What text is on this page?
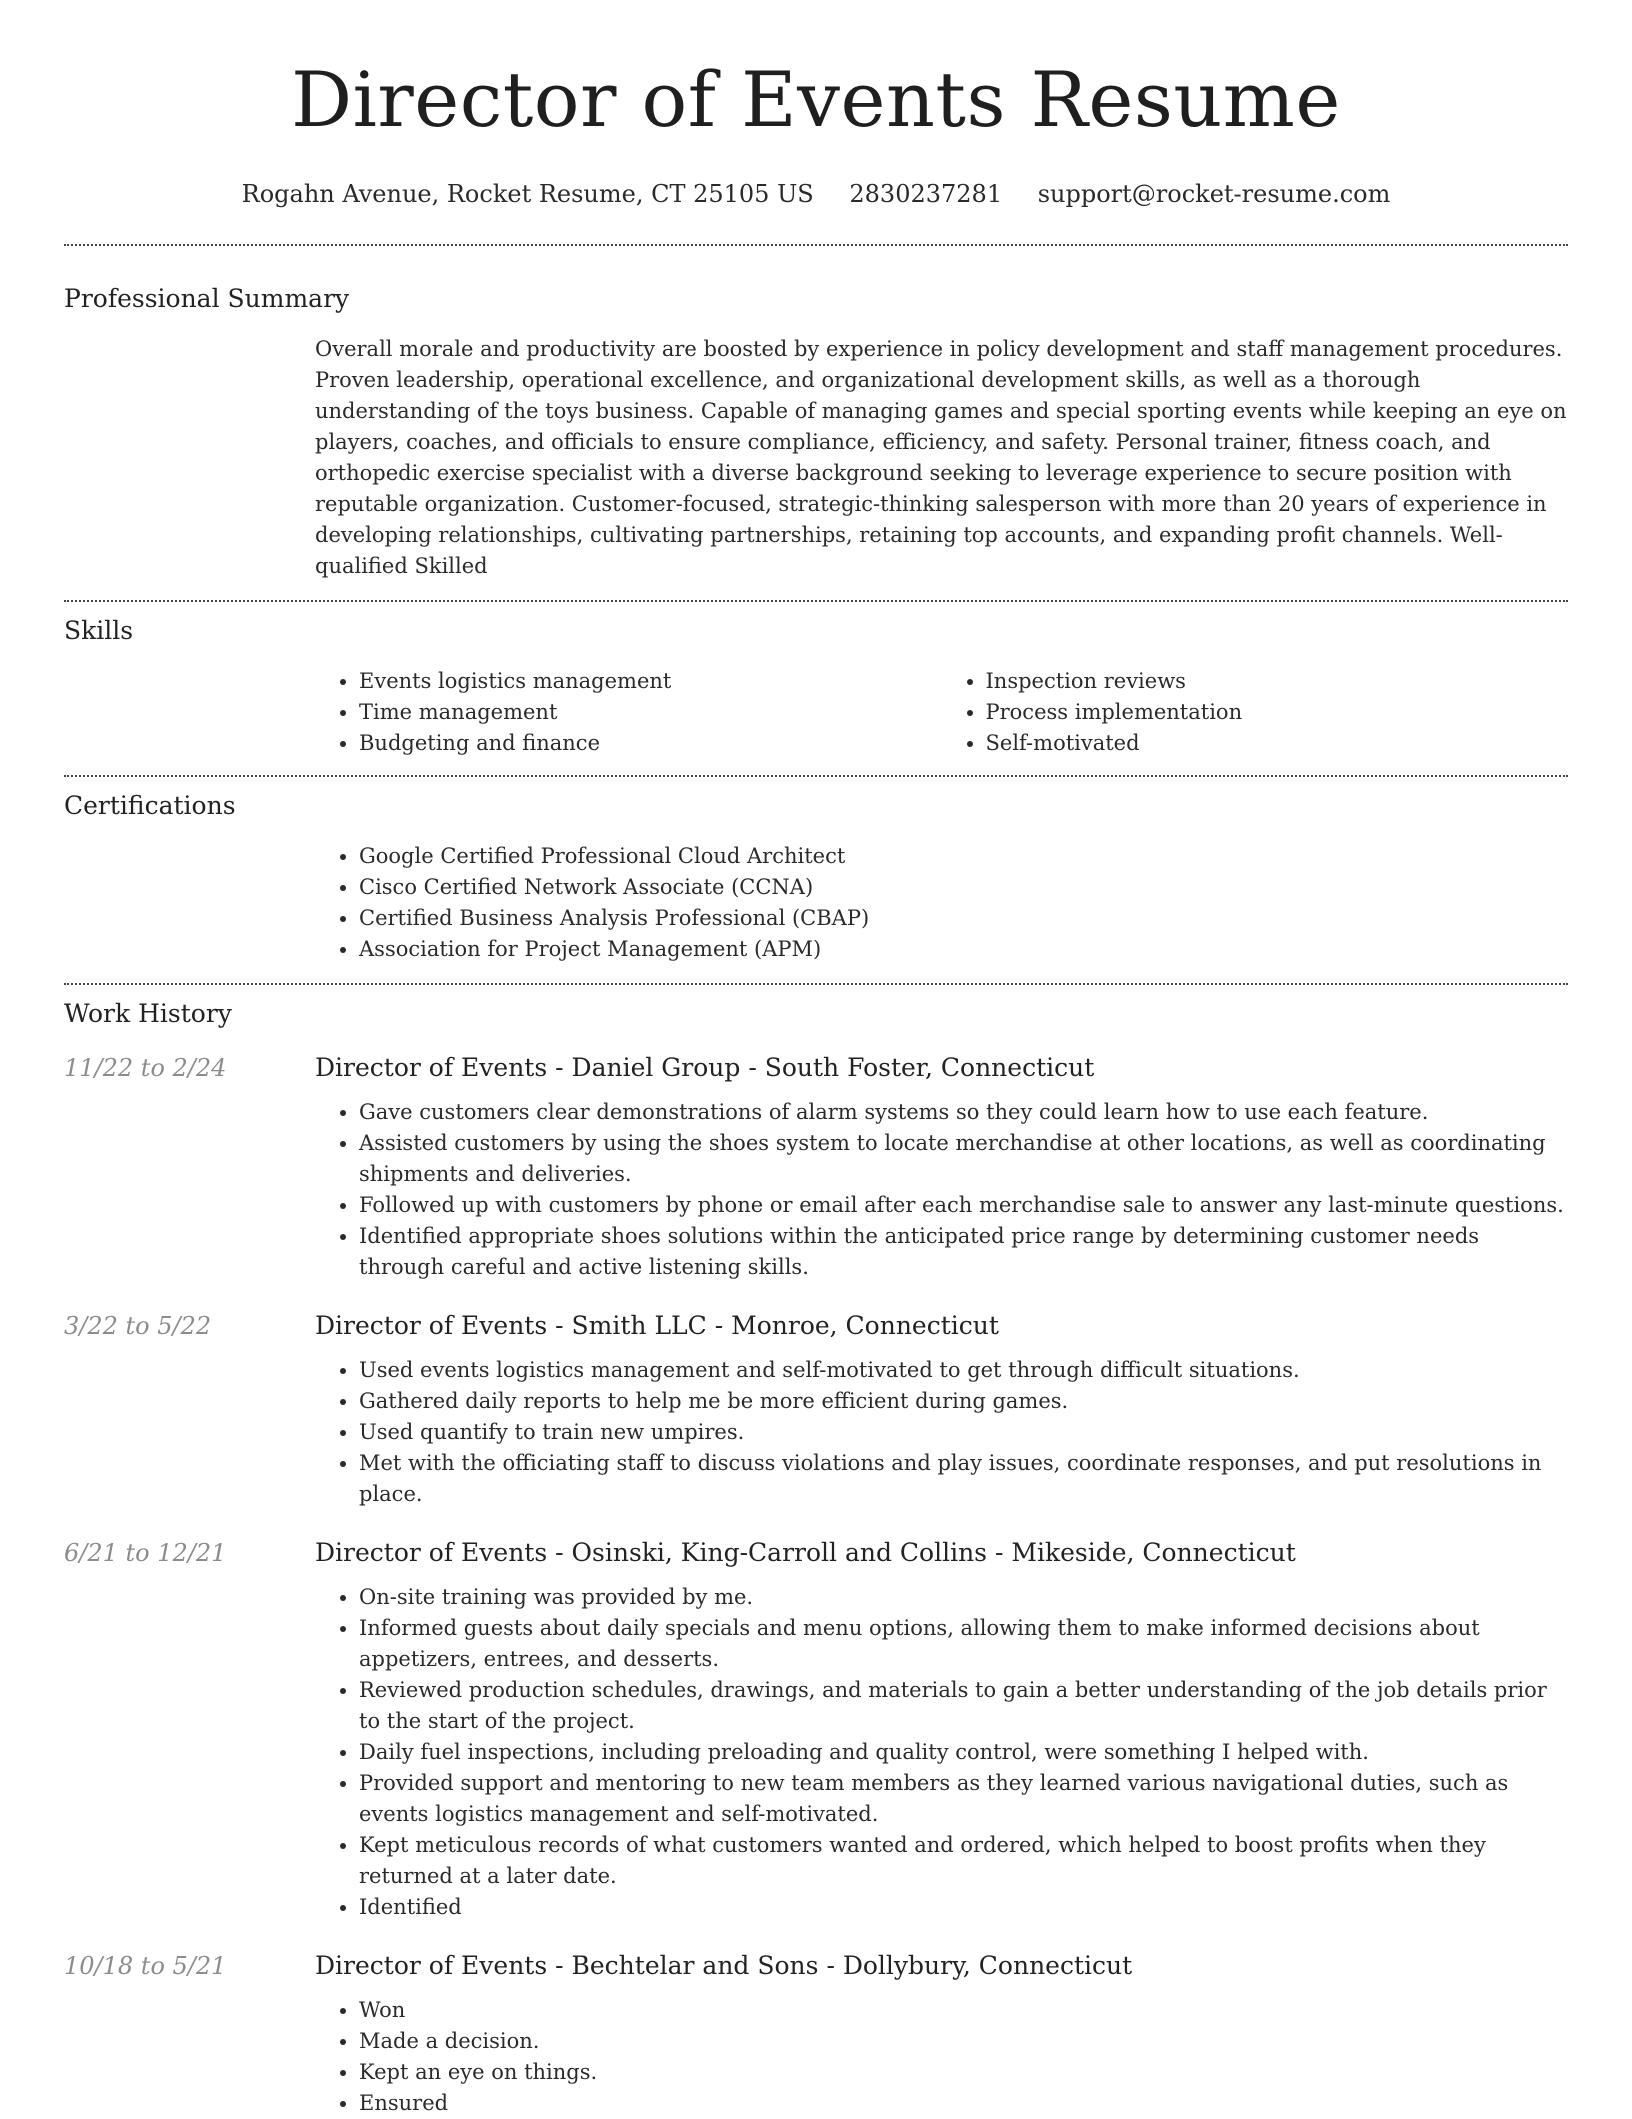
Director of Events Resume
Rogahn Avenue, Rocket Resume, CT 25105 US 2830237281 support@rocket-resume.com
Professional Summary
Overall morale and productivity are boosted by experience in policy development and staff management procedures. Proven leadership, operational excellence, and organizational development skills, as well as a thorough understanding of the toys business. Capable of managing games and special sporting events while keeping an eye on players, coaches, and officials to ensure compliance, efficiency, and safety. Personal trainer, fitness coach, and orthopedic exercise specialist with a diverse background seeking to leverage experience to secure position with reputable organization. Customer-focused, strategic-thinking salesperson with more than 20 years of experience in developing relationships, cultivating partnerships, retaining top accounts, and expanding profit channels. Well-qualified Skilled
Skills
• Events logistics management
• Time management
• Budgeting and finance
• Inspection reviews
• Process implementation
• Self-motivated
Certifications
• Google Certified Professional Cloud Architect
• Cisco Certified Network Associate (CCNA)
• Certified Business Analysis Professional (CBAP)
• Association for Project Management (APM)
Work History
11/22 to 2/24	Director of Events - Daniel Group - South Foster, Connecticut
• Gave customers clear demonstrations of alarm systems so they could learn how to use each feature.
• Assisted customers by using the shoes system to locate merchandise at other locations, as well as coordinating shipments and deliveries.
• Followed up with customers by phone or email after each merchandise sale to answer any last-minute questions.
• Identified appropriate shoes solutions within the anticipated price range by determining customer needs through careful and active listening skills.
3/22 to 5/22	Director of Events - Smith LLC - Monroe, Connecticut
• Used events logistics management and self-motivated to get through difficult situations.
• Gathered daily reports to help me be more efficient during games.
• Used quantify to train new umpires.
• Met with the officiating staff to discuss violations and play issues, coordinate responses, and put resolutions in place.
6/21 to 12/21	Director of Events - Osinski, King-Carroll and Collins - Mikeside, Connecticut
• On-site training was provided by me.
• Informed guests about daily specials and menu options, allowing them to make informed decisions about appetizers, entrees, and desserts.
• Reviewed production schedules, drawings, and materials to gain a better understanding of the job details prior to the start of the project.
• Daily fuel inspections, including preloading and quality control, were something I helped with.
• Provided support and mentoring to new team members as they learned various navigational duties, such as events logistics management and self-motivated.
• Kept meticulous records of what customers wanted and ordered, which helped to boost profits when they returned at a later date.
• Identified
10/18 to 5/21	Director of Events - Bechtelar and Sons - Dollybury, Connecticut
• Won
• Made a decision.
• Kept an eye on things.
• Ensured
